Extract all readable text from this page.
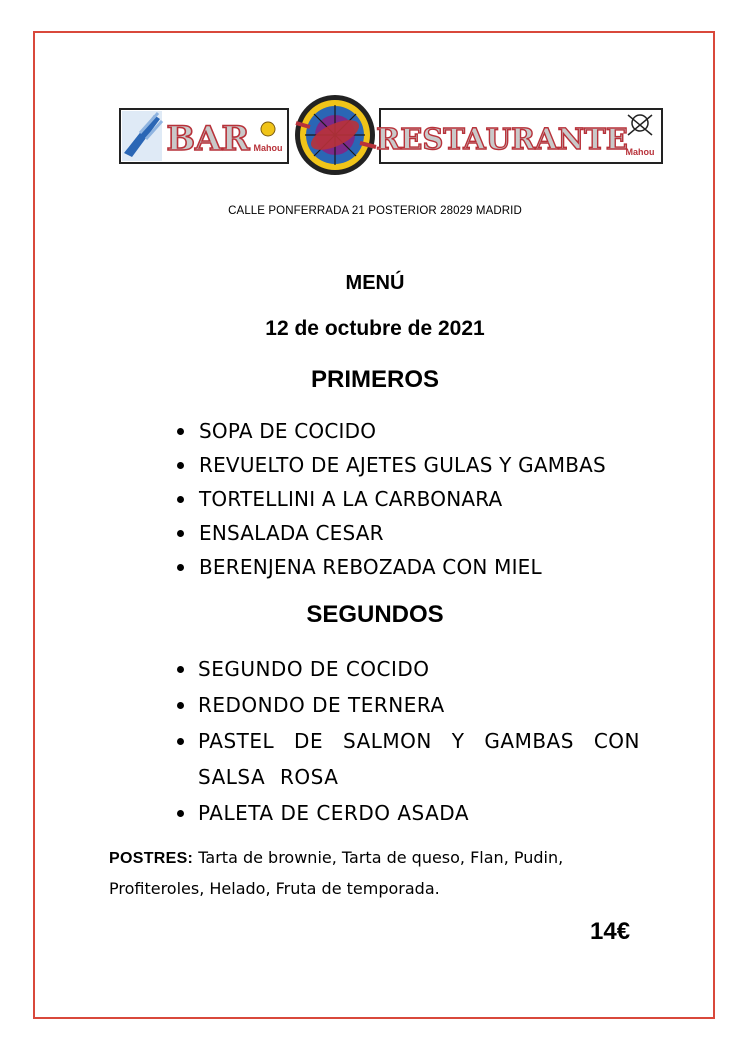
BAR Mahou	RESTAURANTE
Mahou
CALLE PONFERRADA 21 POSTERIOR 28029 MADRID
MENÚ
12 de octubre de 2021
PRIMEROS
SOPA DE COCIDO
REVUELTO DE AJETES GULAS Y GAMBAS
TORTELLINI A LA CARBONARA
ENSALADA CESAR
BERENJENA REBOZADA CON MIEL
SEGUNDOS
SEGUNDO DE COCIDO
REDONDO DE TERNERA
PASTEL DE SALMON Y GAMBAS CON SALSA ROSA
PALETA DE CERDO ASADA
POSTRES: Tarta de brownie, Tarta de queso, Flan, Pudin, Profiteroles, Helado, Fruta de temporada.
14€
